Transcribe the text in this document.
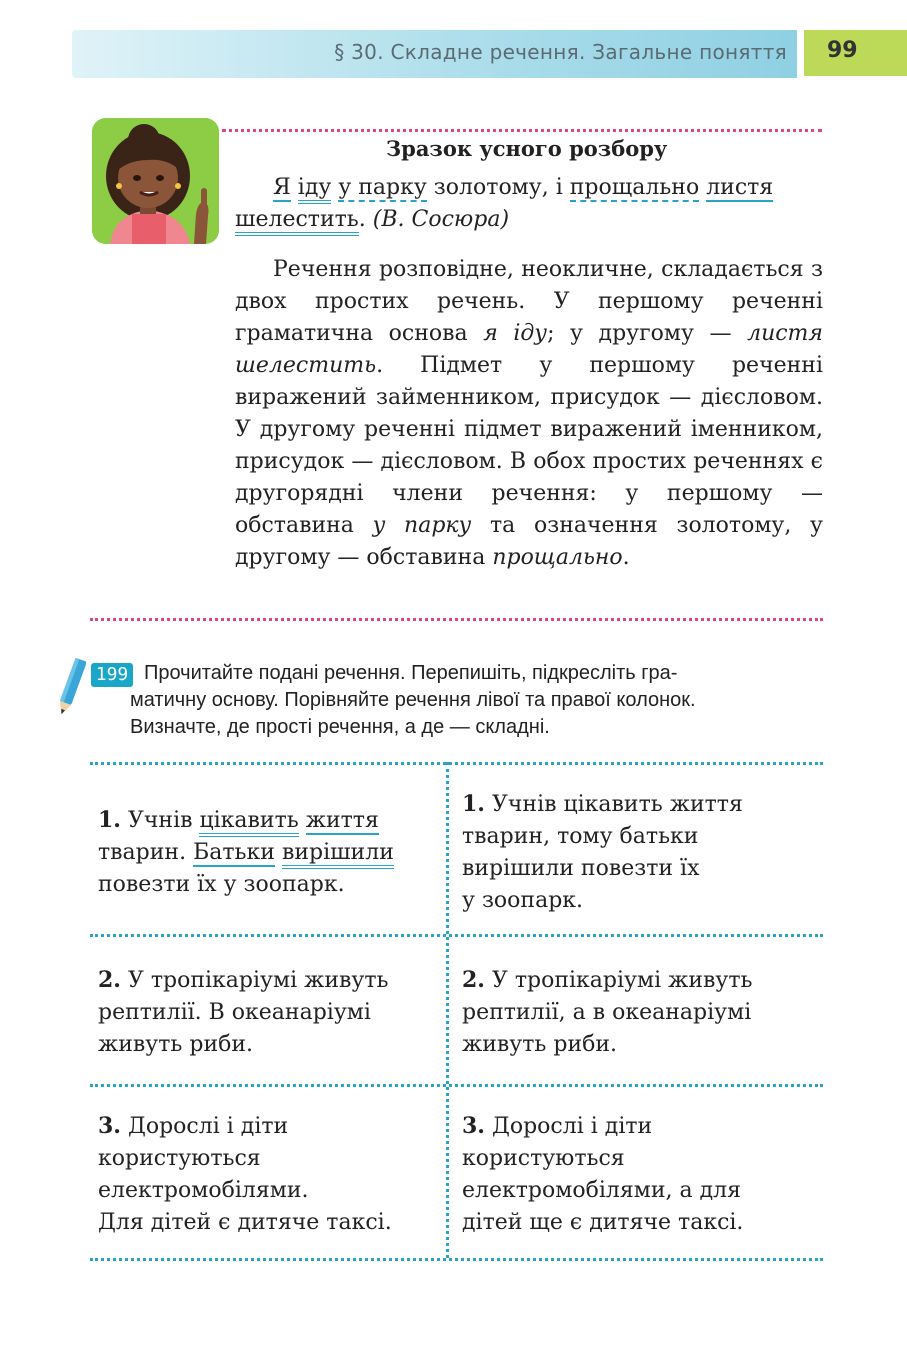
§ 30. Складне речення. Загальне поняття 99
Зразок усного розбору
Я іду у парку золотому, і прощально листя
шелестить. (В. Сосюра)
Речення розповідне, неокличне, складається з двох простих речень. У першому реченні граматична основа я іду; у другому — листя шелестить. Підмет у першому реченні виражений займенником, присудок — дієсловом. У другому реченні підмет виражений іменником, присудок — дієсловом. В обох простих реченнях є другорядні члени речення: у першому — обставина у парку та означення золотому, у другому — обставина прощально.
199 Прочитайте подані речення. Перепишіть, підкресліть гра-
матичну основу. Порівняйте речення лівої та правої колонок.
Визначте, де прості речення, а де — складні.
1. Учнів цікавить життя
тварин. Батьки вирішили
повезти їх у зоопарк.
1. Учнів цікавить життя
тварин, тому батьки
вирішили повезти їх
у зоопарк.
2. У тропікаріумі живуть
рептилії. В океанаріумі
живуть риби.
2. У тропікаріумі живуть
рептилії, а в океанаріумі
живуть риби.
3. Дорослі і діти
користуються
електромобілями.
Для дітей є дитяче таксі.
3. Дорослі і діти
користуються
електромобілями, а для
дітей ще є дитяче таксі.
